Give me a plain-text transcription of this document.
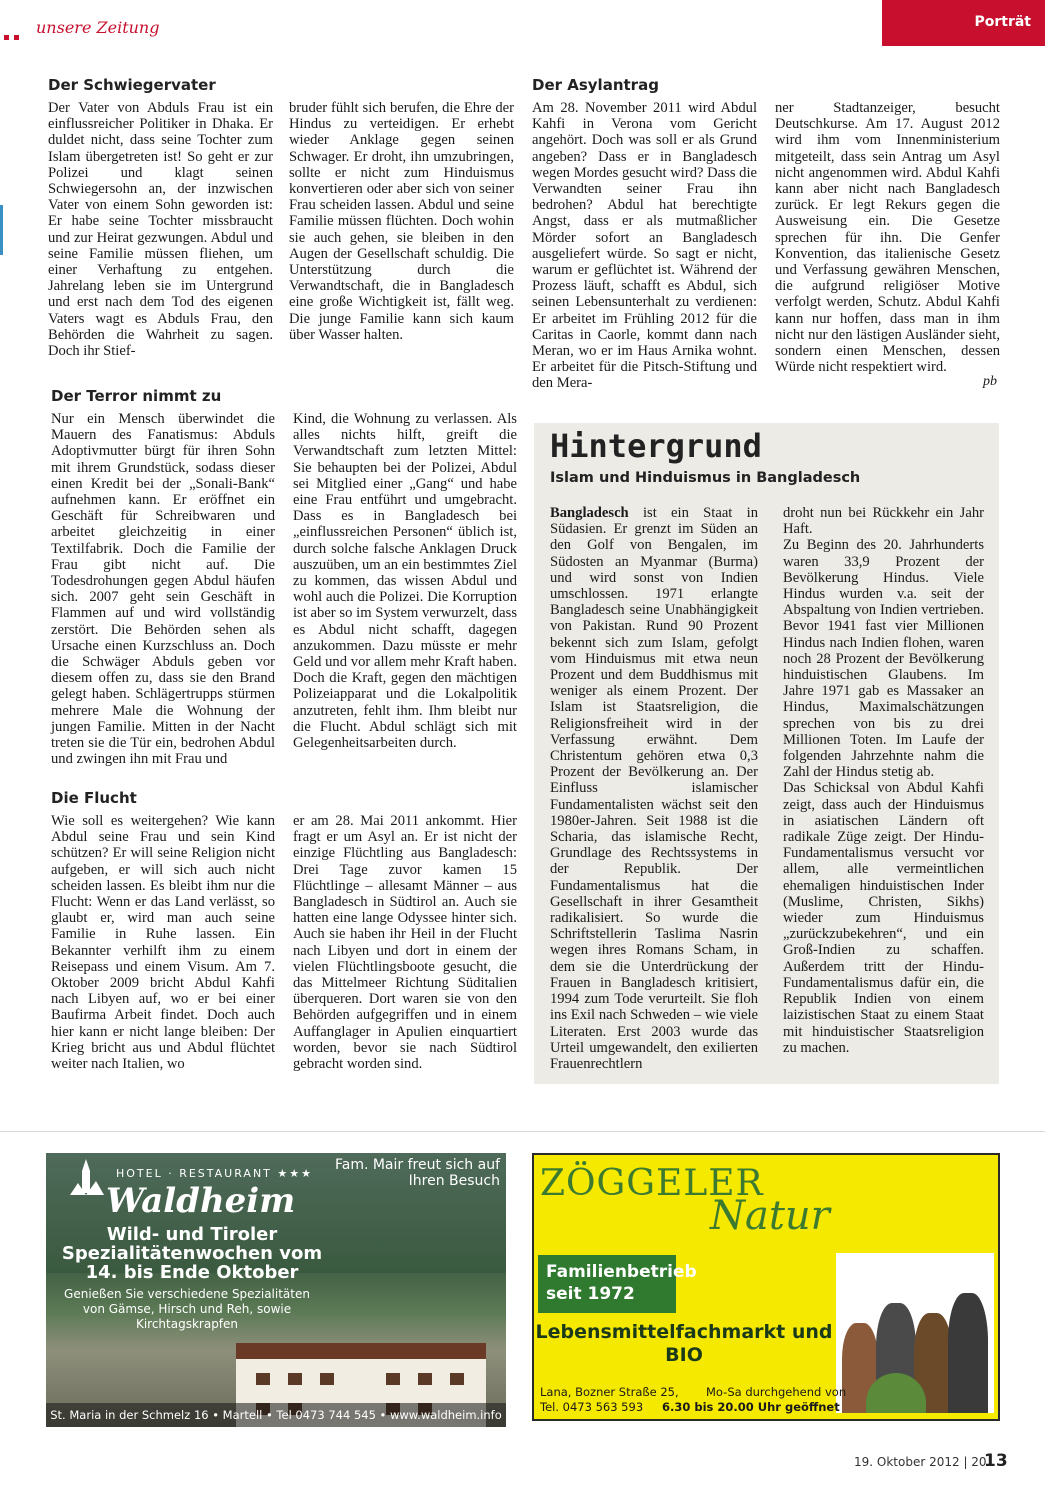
unsere Zeitung	Porträt
Der Schwiegervater

Der Vater von Abduls Frau ist ein einflussreicher Politiker in Dhaka. Er duldet nicht, dass seine Tochter zum Islam übergetreten ist! So geht er zur Polizei und klagt seinen Schwiegersohn an, der inzwischen Vater von einem Sohn geworden ist: Er habe seine Tochter missbraucht und zur Heirat gezwungen. Abdul und seine Familie müssen fliehen, um einer Verhaftung zu entgehen. Jahrelang leben sie im Untergrund und erst nach dem Tod des eigenen Vaters wagt es Abduls Frau, den Behörden die Wahrheit zu sagen. Doch ihr Stief-

bruder fühlt sich berufen, die Ehre der Hindus zu verteidigen. Er erhebt wieder Anklage gegen seinen Schwager. Er droht, ihn umzubringen, sollte er nicht zum Hinduismus konvertieren oder aber sich von seiner Frau scheiden lassen. Abdul und seine Familie müssen flüchten. Doch wohin sie auch gehen, sie bleiben in den Augen der Gesellschaft schuldig. Die Unterstützung durch die Verwandtschaft, die in Bangladesch eine große Wichtigkeit ist, fällt weg. Die junge Familie kann sich kaum über Wasser halten.

Der Asylantrag

Am 28. November 2011 wird Abdul Kahfi in Verona vom Gericht angehört. Doch was soll er als Grund angeben? Dass er in Bangladesch wegen Mordes gesucht wird? Dass die Verwandten seiner Frau ihn bedrohen? Abdul hat berechtigte Angst, dass er als mutmaßlicher Mörder sofort an Bangladesch ausgeliefert würde. So sagt er nicht, warum er geflüchtet ist. Während der Prozess läuft, schafft es Abdul, sich seinen Lebensunterhalt zu verdienen: Er arbeitet im Frühling 2012 für die Caritas in Caorle, kommt dann nach Meran, wo er im Haus Arnika wohnt. Er arbeitet für die Pitsch-Stiftung und den Mera-

ner Stadtanzeiger, besucht Deutschkurse. Am 17. August 2012 wird ihm vom Innenministerium mitgeteilt, dass sein Antrag um Asyl nicht angenommen wird. Abdul Kahfi kann aber nicht nach Bangladesch zurück. Er legt Rekurs gegen die Ausweisung ein. Die Gesetze sprechen für ihn. Die Genfer Konvention, das italienische Gesetz und Verfassung gewähren Menschen, die aufgrund religiöser Motive verfolgt werden, Schutz. Abdul Kahfi kann nur hoffen, dass man in ihm nicht nur den lästigen Ausländer sieht, sondern einen Menschen, dessen Würde nicht respektiert wird.

pb
Der Terror nimmt zu

Nur ein Mensch überwindet die Mauern des Fanatismus: Abduls Adoptivmutter bürgt für ihren Sohn mit ihrem Grundstück, sodass dieser einen Kredit bei der „Sonali-Bank“ aufnehmen kann. Er eröffnet ein Geschäft für Schreibwaren und arbeitet gleichzeitig in einer Textilfabrik. Doch die Familie der Frau gibt nicht auf. Die Todesdrohungen gegen Abdul häufen sich. 2007 geht sein Geschäft in Flammen auf und wird vollständig zerstört. Die Behörden sehen als Ursache einen Kurzschluss an. Doch die Schwäger Abduls geben vor diesem offen zu, dass sie den Brand gelegt haben. Schlägertrupps stürmen mehrere Male die Wohnung der jungen Familie. Mitten in der Nacht treten sie die Tür ein, bedrohen Abdul und zwingen ihn mit Frau und

Kind, die Wohnung zu verlassen. Als alles nichts hilft, greift die Verwandtschaft zum letzten Mittel: Sie behaupten bei der Polizei, Abdul sei Mitglied einer „Gang“ und habe eine Frau entführt und umgebracht. Dass es in Bangladesch bei „einflussreichen Personen“ üblich ist, durch solche falsche Anklagen Druck auszuüben, um an ein bestimmtes Ziel zu kommen, das wissen Abdul und wohl auch die Polizei. Die Korruption ist aber so im System verwurzelt, dass es Abdul nicht schafft, dagegen anzukommen. Dazu müsste er mehr Geld und vor allem mehr Kraft haben. Doch die Kraft, gegen den mächtigen Polizeiapparat und die Lokalpolitik anzutreten, fehlt ihm. Ihm bleibt nur die Flucht. Abdul schlägt sich mit Gelegenheitsarbeiten durch.

Die Flucht

Wie soll es weitergehen? Wie kann Abdul seine Frau und sein Kind schützen? Er will seine Religion nicht aufgeben, er will sich auch nicht scheiden lassen. Es bleibt ihm nur die Flucht: Wenn er das Land verlässt, so glaubt er, wird man auch seine Familie in Ruhe lassen. Ein Bekannter verhilft ihm zu einem Reisepass und einem Visum. Am 7. Oktober 2009 bricht Abdul Kahfi nach Libyen auf, wo er bei einer Baufirma Arbeit findet. Doch auch hier kann er nicht lange bleiben: Der Krieg bricht aus und Abdul flüchtet weiter nach Italien, wo

er am 28. Mai 2011 ankommt. Hier fragt er um Asyl an. Er ist nicht der einzige Flüchtling aus Bangladesch: Drei Tage zuvor kamen 15 Flüchtlinge – allesamt Männer – aus Bangladesch in Südtirol an. Auch sie hatten eine lange Odyssee hinter sich. Auch sie haben ihr Heil in der Flucht nach Libyen und dort in einem der vielen Flüchtlingsboote gesucht, die das Mittelmeer Richtung Süditalien überqueren. Dort waren sie von den Behörden aufgegriffen und in einem Auffanglager in Apulien einquartiert worden, bevor sie nach Südtirol gebracht worden sind.

Hintergrund
Islam und Hinduismus in Bangladesch

Bangladesch ist ein Staat in Südasien. Er grenzt im Süden an den Golf von Bengalen, im Südosten an Myanmar (Burma) und wird sonst von Indien umschlossen. 1971 erlangte Bangladesch seine Unabhängigkeit von Pakistan. Rund 90 Prozent bekennt sich zum Islam, gefolgt vom Hinduismus mit etwa neun Prozent und dem Buddhismus mit weniger als einem Prozent. Der Islam ist Staatsreligion, die Religionsfreiheit wird in der Verfassung erwähnt. Dem Christentum gehören etwa 0,3 Prozent der Bevölkerung an. Der Einfluss islamischer Fundamentalisten wächst seit den 1980er-Jahren. Seit 1988 ist die Scharia, das islamische Recht, Grundlage des Rechtssystems in der Republik. Der Fundamentalismus hat die Gesellschaft in ihrer Gesamtheit radikalisiert. So wurde die Schriftstellerin Taslima Nasrin wegen ihres Romans Scham, in dem sie die Unterdrückung der Frauen in Bangladesch kritisiert, 1994 zum Tode verurteilt. Sie floh ins Exil nach Schweden – wie viele Literaten. Erst 2003 wurde das Urteil umgewandelt, den exilierten Frauenrechtlern

droht nun bei Rückkehr ein Jahr Haft.

Zu Beginn des 20. Jahrhunderts waren 33,9 Prozent der Bevölkerung Hindus. Viele Hindus wurden v.a. seit der Abspaltung von Indien vertrieben. Bevor 1941 fast vier Millionen Hindus nach Indien flohen, waren noch 28 Prozent der Bevölkerung hinduistischen Glaubens. Im Jahre 1971 gab es Massaker an Hindus, Maximalschätzungen sprechen von bis zu drei Millionen Toten. Im Laufe der folgenden Jahrzehnte nahm die Zahl der Hindus stetig ab.

Das Schicksal von Abdul Kahfi zeigt, dass auch der Hinduismus in asiatischen Ländern oft radikale Züge zeigt. Der Hindu-Fundamentalismus versucht vor allem, alle vermeintlichen ehemaligen hinduistischen Inder (Muslime, Christen, Sikhs) wieder zum Hinduismus „zurückzubekehren“, und ein Groß-Indien zu schaffen. Außerdem tritt der Hindu-Fundamentalismus dafür ein, die Republik Indien von einem laizistischen Staat zu einem Staat mit hinduistischer Staatsreligion zu machen.

HOTEL · RESTAURANT ★★★
Waldheim
Fam. Mair freut sich auf Ihren Besuch
Wild- und Tiroler Spezialitätenwochen vom 14. bis Ende Oktober
Genießen Sie verschiedene Spezialitäten von Gämse, Hirsch und Reh, sowie Kirchtagskrapfen
St. Maria in der Schmelz 16 • Martell • Tel 0473 744 545 • www.waldheim.info
ZÖGGELER
Natur
Familienbetrieb seit 1972
Lebensmittelfachmarkt und BIO
Lana, Bozner Straße 25,
Tel. 0473 563 593
Mo-Sa durchgehend von
6.30 bis 20.00 Uhr geöffnet
19. Oktober 2012 | 20
13
